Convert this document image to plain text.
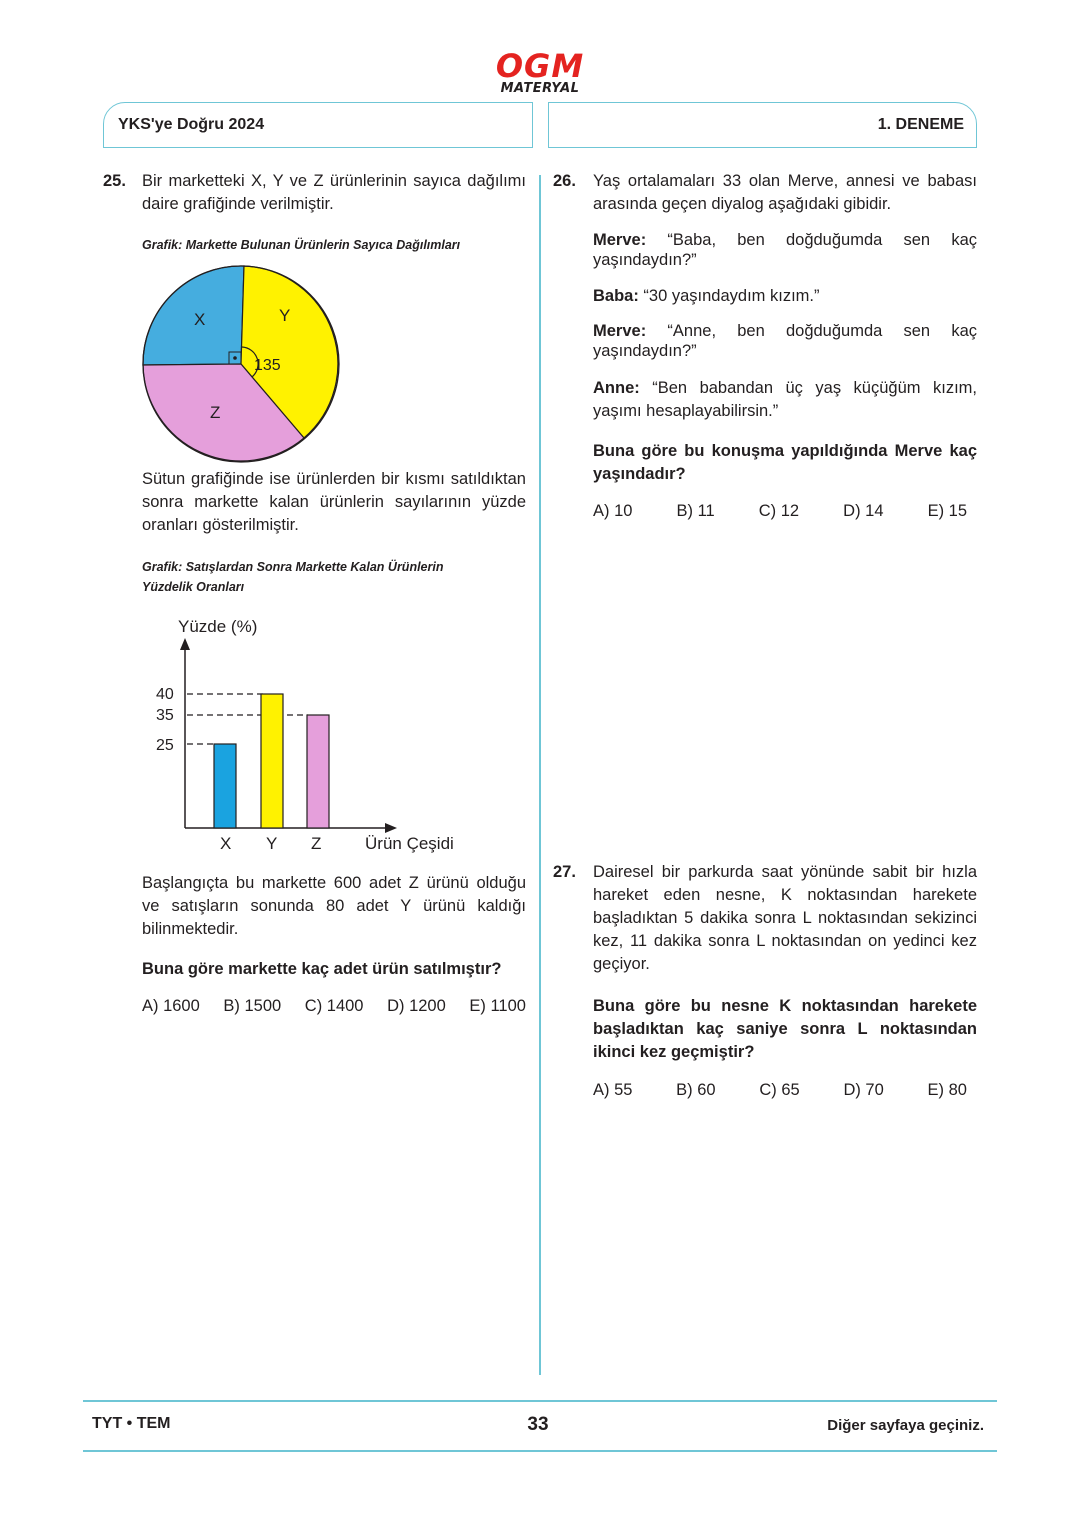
OGM
MATERYAL
YKS'ye Doğru 2024	1. DENEME
25. Bir marketteki X, Y ve Z ürünlerinin sayıca dağılımı daire grafiğinde verilmiştir.
Grafik: Markette Bulunan Ürünlerin Sayıca Dağılımları
135
X	Y
Z
Sütun grafiğinde ise ürünlerden bir kısmı satıldıktan sonra markette kalan ürünlerin sayılarının yüzde oranları gösterilmiştir.
Grafik: Satışlardan Sonra Markette Kalan Ürünlerin
Yüzdelik Oranları
Yüzde (%)
40
35
25
X Y Z	Ürün Çeşidi
Başlangıçta bu markette 600 adet Z ürünü olduğu ve satışların sonunda 80 adet Y ürünü kaldığı bilinmektedir.
Buna göre markette kaç adet ürün satılmıştır?
A) 1600 B) 1500 C) 1400 D) 1200 E) 1100
26. Yaş ortalamaları 33 olan Merve, annesi ve babası arasında geçen diyalog aşağıdaki gibidir.
Merve: “Baba, ben doğduğumda sen kaç yaşındaydın?”
Baba: “30 yaşındaydım kızım.”
Merve: “Anne, ben doğduğumda sen kaç yaşındaydın?”
Anne: “Ben babandan üç yaş küçüğüm kızım, yaşımı hesaplayabilirsin.”
Buna göre bu konuşma yapıldığında Merve kaç yaşındadır?
A) 10	B) 11	C) 12	D) 14	E) 15
27. Dairesel bir parkurda saat yönünde sabit bir hızla hareket eden nesne, K noktasından harekete başladıktan 5 dakika sonra L noktasından sekizinci kez, 11 dakika sonra L noktasından on yedinci kez geçiyor.
Buna göre bu nesne K noktasından harekete başladıktan kaç saniye sonra L noktasından ikinci kez geçmiştir?
A) 55	B) 60	C) 65	D) 70	E) 80
TYT • TEM	33	Diğer sayfaya geçiniz.
